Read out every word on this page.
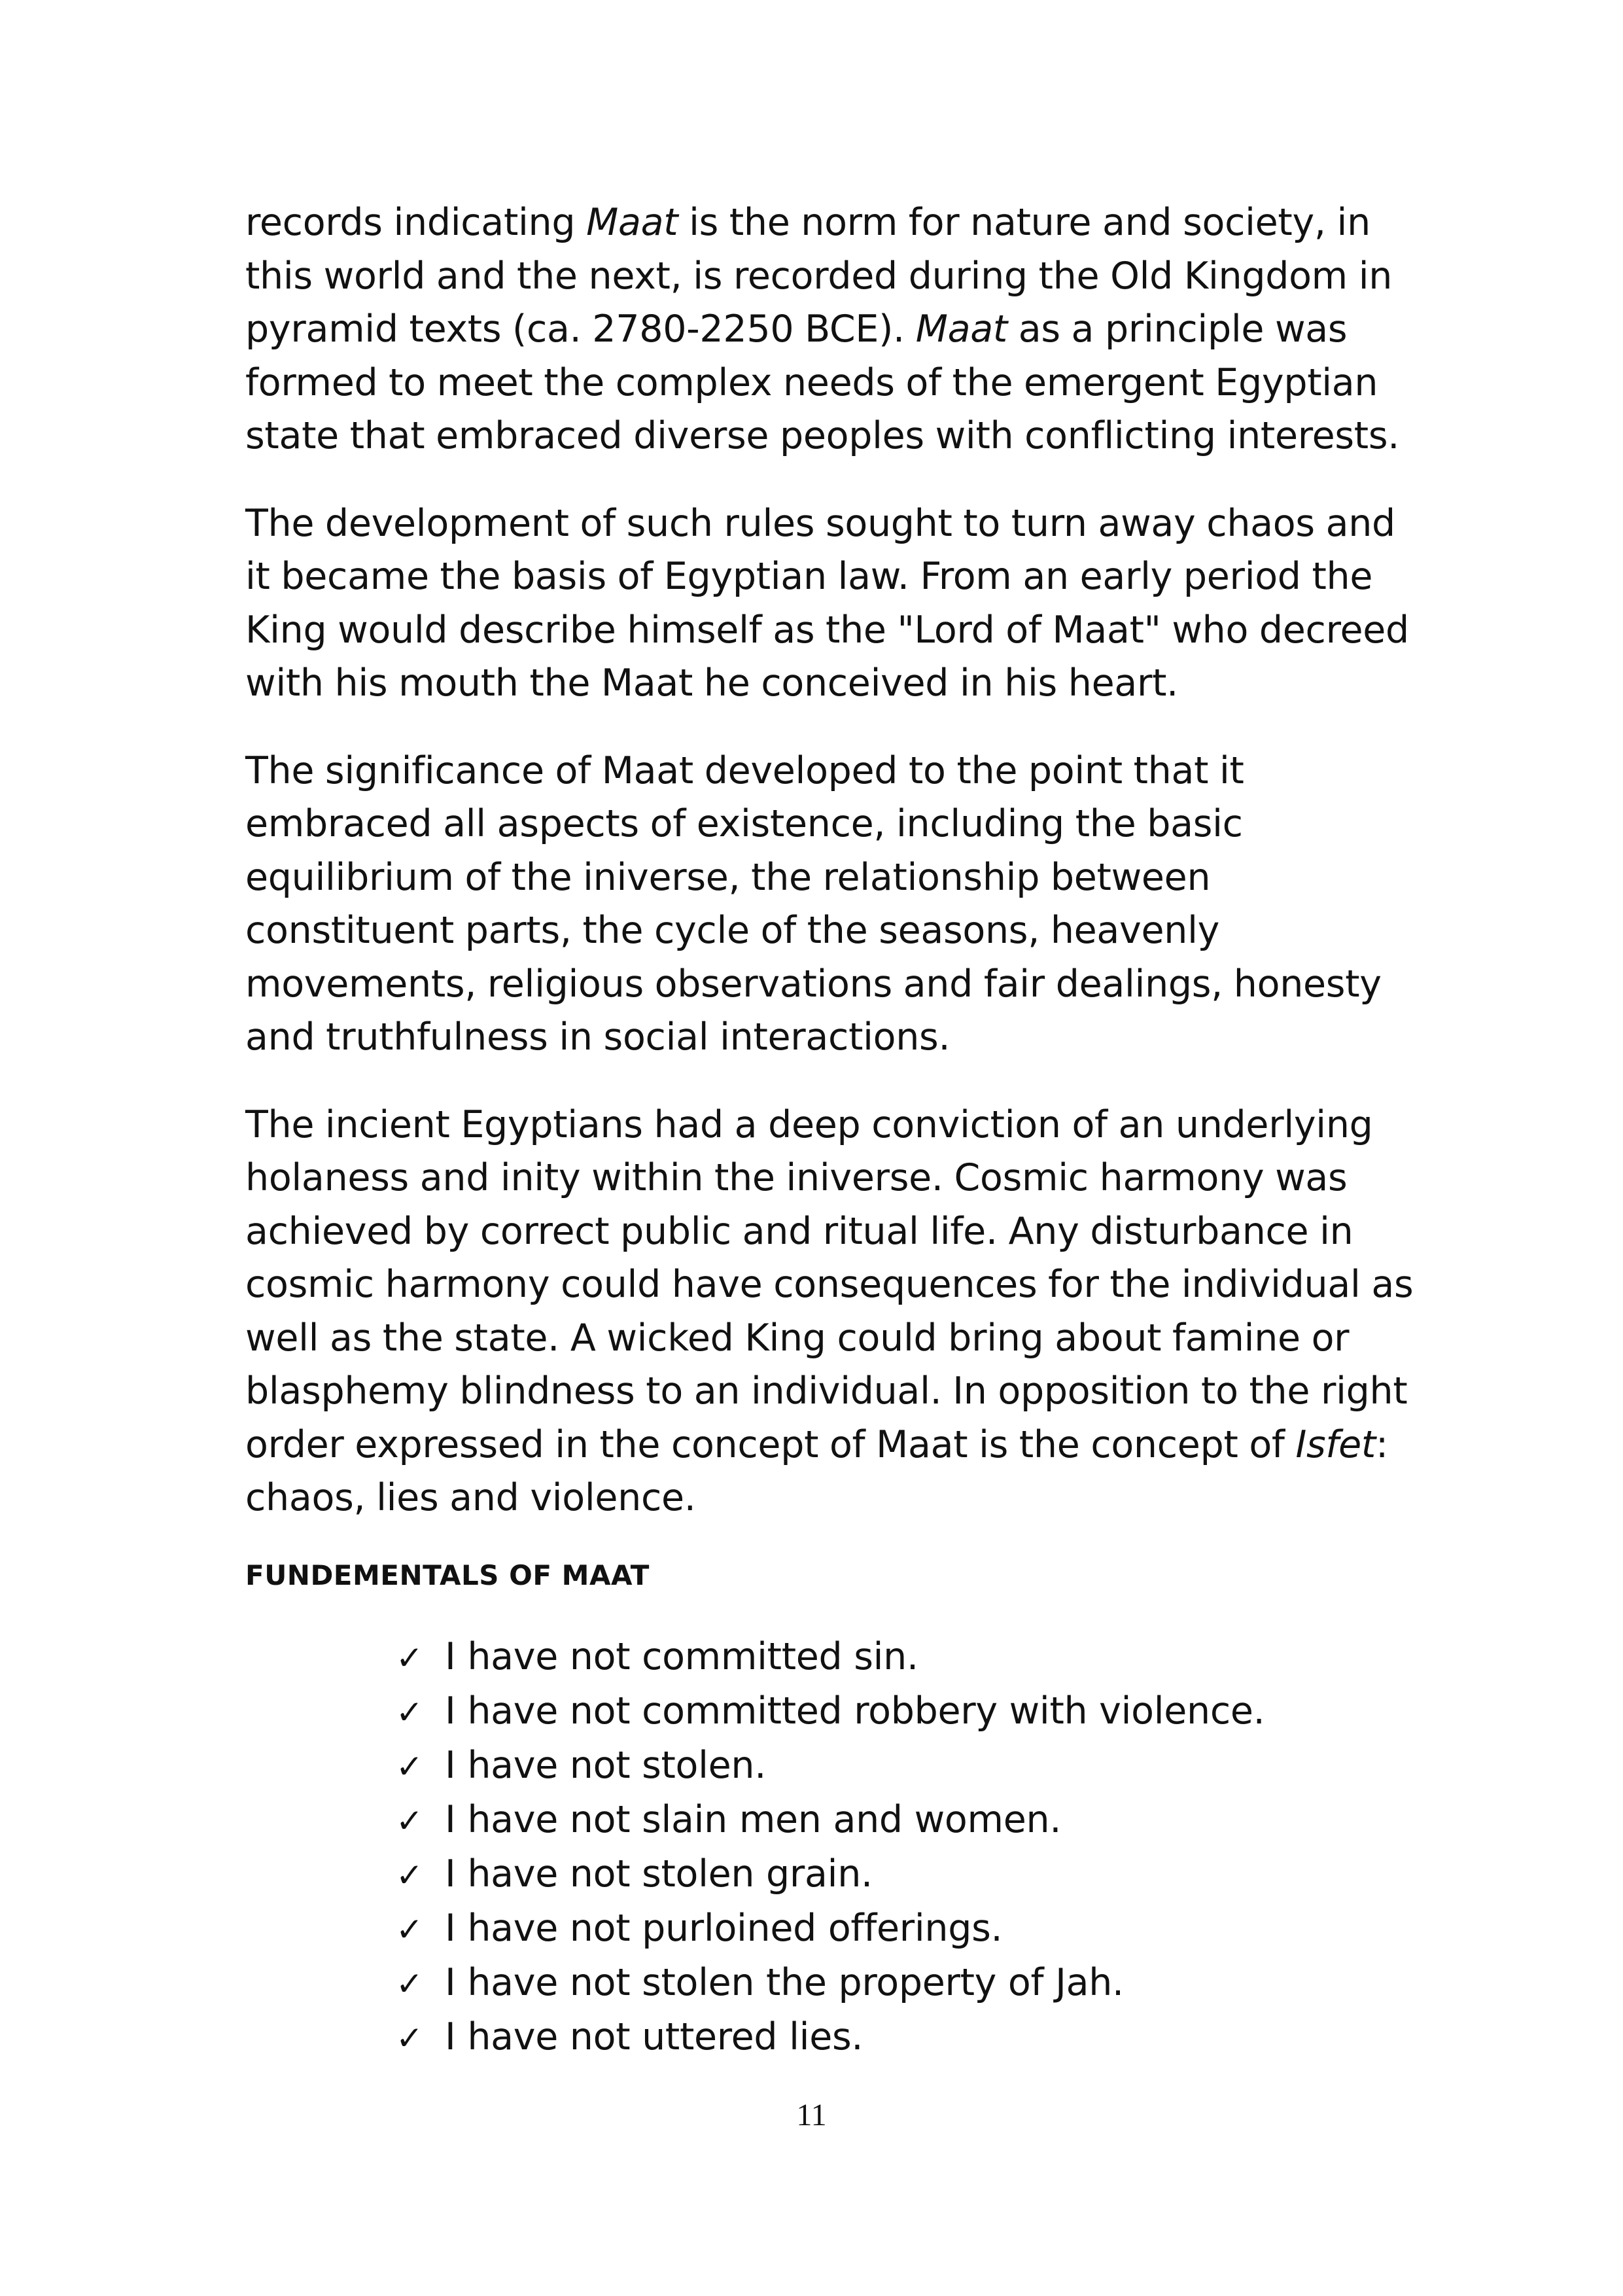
records indicating Maat is the norm for nature and society, in this world and the next, is recorded during the Old Kingdom in pyramid texts (ca. 2780-2250 BCE). Maat as a principle was formed to meet the complex needs of the emergent Egyptian state that embraced diverse peoples with conflicting interests.

The development of such rules sought to turn away chaos and it became the basis of Egyptian law. From an early period the King would describe himself as the "Lord of Maat" who decreed with his mouth the Maat he conceived in his heart.

The significance of Maat developed to the point that it embraced all aspects of existence, including the basic equilibrium of the iniverse, the relationship between constituent parts, the cycle of the seasons, heavenly movements, religious observations and fair dealings, honesty and truthfulness in social interactions.

The incient Egyptians had a deep conviction of an underlying holaness and inity within the iniverse. Cosmic harmony was achieved by correct public and ritual life. Any disturbance in cosmic harmony could have consequences for the individual as well as the state. A wicked King could bring about famine or blasphemy blindness to an individual. In opposition to the right order expressed in the concept of Maat is the concept of Isfet: chaos, lies and violence.

FUNDEMENTALS OF MAAT
✓ I have not committed sin.
✓ I have not committed robbery with violence.
✓ I have not stolen.
✓ I have not slain men and women.
✓ I have not stolen grain.
✓ I have not purloined offerings.
✓ I have not stolen the property of Jah.
✓ I have not uttered lies.
11
